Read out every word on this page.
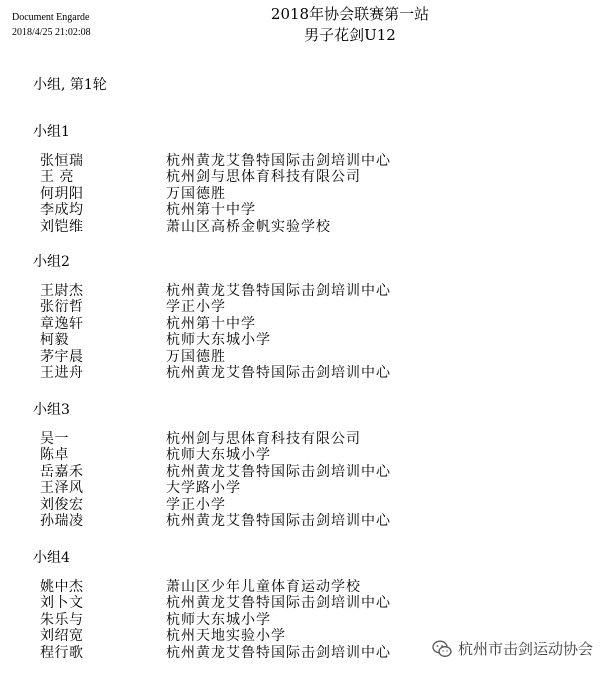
Document Engarde
2018/4/25 21:02:08
2018年协会联赛第一站
男子花剑U12
小组, 第1轮
小组1
张恒瑞	杭州黄龙艾鲁特国际击剑培训中心
王 亮	杭州剑与思体育科技有限公司
何玥阳	万国德胜
李成均	杭州第十中学
刘铠维	萧山区高桥金帆实验学校
小组2
王尉杰	杭州黄龙艾鲁特国际击剑培训中心
张衍哲	学正小学
章逸轩	杭州第十中学
柯毅	杭师大东城小学
茅宇晨	万国德胜
王进舟	杭州黄龙艾鲁特国际击剑培训中心
小组3
吴一	杭州剑与思体育科技有限公司
陈卓	杭师大东城小学
岳嘉禾	杭州黄龙艾鲁特国际击剑培训中心
王泽风	大学路小学
刘俊宏	学正小学
孙瑞凌	杭州黄龙艾鲁特国际击剑培训中心
小组4
姚中杰	萧山区少年儿童体育运动学校
刘卜文	杭州黄龙艾鲁特国际击剑培训中心
朱乐与	杭师大东城小学
刘绍宽	杭州天地实验小学
程行歌	杭州黄龙艾鲁特国际击剑培训中心	杭州市击剑运动协会
